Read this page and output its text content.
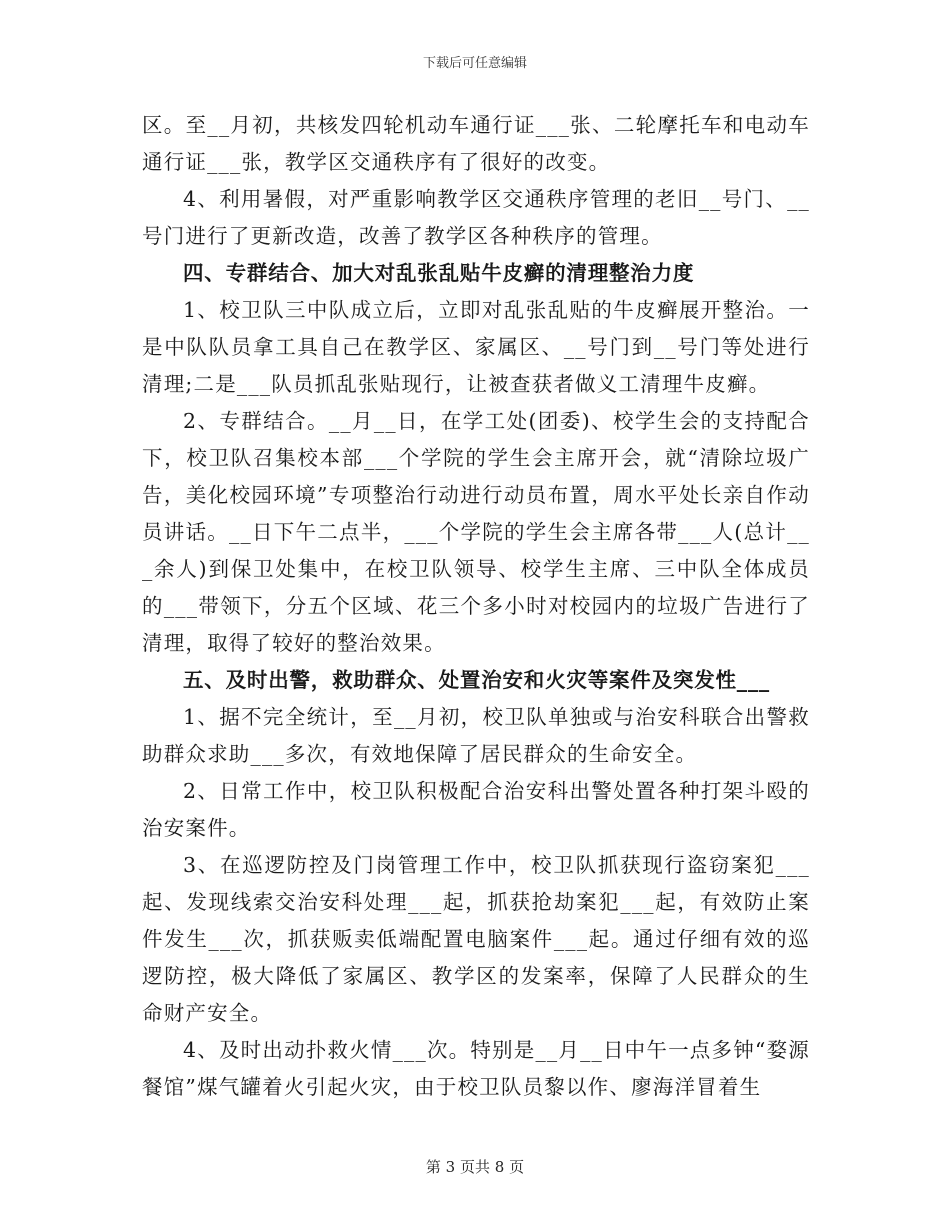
下载后可任意编辑

区。至__月初，共核发四轮机动车通行证___张、二轮摩托车和电动车通行证___张，教学区交通秩序有了很好的改变。

4、利用暑假，对严重影响教学区交通秩序管理的老旧__号门、__号门进行了更新改造，改善了教学区各种秩序的管理。

四、专群结合、加大对乱张乱贴牛皮癣的清理整治力度

1、校卫队三中队成立后，立即对乱张乱贴的牛皮癣展开整治。一是中队队员拿工具自己在教学区、家属区、__号门到__号门等处进行清理;二是___队员抓乱张贴现行，让被查获者做义工清理牛皮癣。

2、专群结合。__月__日，在学工处(团委)、校学生会的支持配合下，校卫队召集校本部___个学院的学生会主席开会，就“清除垃圾广告，美化校园环境”专项整治行动进行动员布置，周水平处长亲自作动员讲话。__日下午二点半，___个学院的学生会主席各带___人(总计___余人)到保卫处集中，在校卫队领导、校学生主席、三中队全体成员的___带领下，分五个区域、花三个多小时对校园内的垃圾广告进行了清理，取得了较好的整治效果。

五、及时出警，救助群众、处置治安和火灾等案件及突发性___

1、据不完全统计，至__月初，校卫队单独或与治安科联合出警救助群众求助___多次，有效地保障了居民群众的生命安全。

2、日常工作中，校卫队积极配合治安科出警处置各种打架斗殴的治安案件。

3、在巡逻防控及门岗管理工作中，校卫队抓获现行盗窃案犯___起、发现线索交治安科处理___起，抓获抢劫案犯___起，有效防止案件发生___次，抓获贩卖低端配置电脑案件___起。通过仔细有效的巡逻防控，极大降低了家属区、教学区的发案率，保障了人民群众的生命财产安全。

4、及时出动扑救火情___次。特别是__月__日中午一点多钟“婺源餐馆”煤气罐着火引起火灾，由于校卫队员黎以作、廖海洋冒着生

第 3 页共 8 页
